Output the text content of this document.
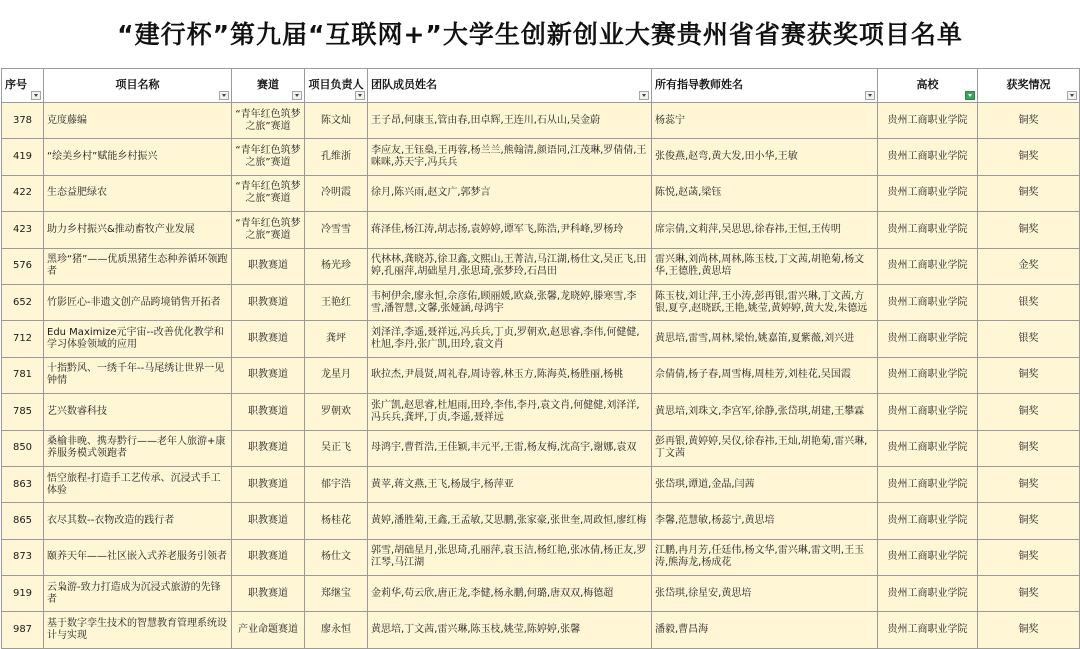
“建行杯”第九届“互联网+”大学生创新创业大赛贵州省省赛获奖项目名单
序号	项目名称	赛道	项目负责人	团队成员姓名	所有指导教师姓名	高校	获奖情况

378	克度藤编	“青年红色筑梦之旅”赛道	陈文灿	王子昂,何康玉,管由春,田卓辉,王连川,石从山,吴金蔚	杨蕊宁	贵州工商职业学院	铜奖
419	“绘美乡村”赋能乡村振兴	“青年红色筑梦之旅”赛道	孔维浙	李应友,王钰燊,王再蓉,杨兰兰,熊翰清,颜语同,江茂琳,罗倩倩,王咪咪,苏天宇,冯兵兵	张俊燕,赵弯,黄大发,田小华,王敏	贵州工商职业学院	铜奖
422	生态益肥绿农	“青年红色筑梦之旅”赛道	冷明霞	徐月,陈兴雨,赵文广,郭梦言	陈悦,赵菡,梁钰	贵州工商职业学院	铜奖
423	助力乡村振兴&推动畜牧产业发展	“青年红色筑梦之旅”赛道	冷雪雪	蒋泽佳,杨江涛,胡志扬,袁婷婷,谭军飞,陈浩,尹科峰,罗杨玲	席宗倩,文莉萍,吴思思,徐春祎,王恒,王传明	贵州工商职业学院	铜奖
576	黑珍“猪”——优质黑猪生态种养循环领跑者	职教赛道	杨光珍	代林林,龚晓苏,徐卫鑫,文熙山,王菁洁,马江湖,杨仕文,吴正飞,田婷,孔丽萍,胡础星月,张思琦,张梦玲,石昌田	雷兴琳,刘尚林,周林,陈玉枝,丁文茜,胡艳菊,杨文华,王德胜,黄思培	贵州工商职业学院	金奖
652	竹影匠心-非遗文创产品跨境销售开拓者	职教赛道	王艳红	韦柯伊余,廖永恒,佘彦佑,顾丽媛,欧焱,张馨,龙晓婷,滕寒雪,李雪,潘智慧,文馨,张娅涵,母鸿宇	陈玉枝,刘让萍,王小涛,彭再银,雷兴琳,丁文茜,方银,夏亨,赵晓跃,王艳,姚莹,黄婷婷,黄大发,朱德远	贵州工商职业学院	银奖
712	Edu Maximize元宇宙--改善优化教学和学习体验领域的应用	职教赛道	龚坪	刘泽洋,李遥,聂祥远,冯兵兵,丁贞,罗朝欢,赵思睿,李伟,何健健,杜旭,李丹,张广凯,田玲,袁文肖	黄思培,雷雪,周林,梁怡,姚嘉笛,夏紫薇,刘兴进	贵州工商职业学院	银奖
781	十指黔风、一绣千年--马尾绣让世界一见钟情	职教赛道	龙星月	耿拉杰,尹晨贤,周礼春,周诗蓉,林玉方,陈海英,杨胜丽,杨桃	佘倩倩,杨子春,周雪梅,周桂芳,刘桂花,吴国霞	贵州工商职业学院	铜奖
785	艺兴数睿科技	职教赛道	罗朝欢	张广凯,赵思睿,杜旭雨,田玲,李伟,李丹,袁文肖,何健健,刘泽洋,冯兵兵,龚坪,丁贞,李遥,聂祥远	黄思培,刘珠文,李宫军,徐静,张岱琪,胡建,王攀霖	贵州工商职业学院	铜奖
850	桑榆非晚、携寿黔行——老年人旅游+康养服务模式领跑者	职教赛道	吴正飞	母鸿宇,曹哲浩,王佳颖,丰元平,王雷,杨友梅,沈高宇,谢娜,袁双	彭再银,黄婷婷,吴仪,徐春祎,王灿,胡艳菊,雷兴琳,丁文茜	贵州工商职业学院	铜奖
863	悟空旅程-打造手工艺传承、沉浸式手工体验	职教赛道	郁宇浩	黄苹,蒋文燕,王飞,杨晟宇,杨萍亚	张岱琪,谭道,金晶,闫茜	贵州工商职业学院	铜奖
865	衣尽其数--衣物改造的践行者	职教赛道	杨桂花	黄婷,潘胜菊,王鑫,王孟敏,艾思鹏,张家豪,张世奎,周政恒,廖红梅	李馨,范慧敏,杨蕊宁,黄思培	贵州工商职业学院	铜奖
873	颐养天年——社区嵌入式养老服务引领者	职教赛道	杨仕文	郭雪,胡础星月,张思琦,孔丽萍,袁玉洁,杨红艳,张冰倩,杨正友,罗江琴,马江湖	江鹏,冉月芳,任廷伟,杨文华,雷兴琳,雷文明,王玉涛,熊海龙,杨成花	贵州工商职业学院	铜奖
919	云枭游-致力打造成为沉浸式旅游的先锋者	职教赛道	郑继宝	金莉华,苟云欣,唐正龙,李健,杨永鹏,何璐,唐双双,梅德超	张岱琪,徐星安,黄思培	贵州工商职业学院	铜奖
987	基于数字孪生技术的智慧教育管理系统设计与实现	产业命题赛道	廖永恒	黄思培,丁文茜,雷兴琳,陈玉枝,姚莹,陈婷婷,张馨	潘毅,曹昌海	贵州工商职业学院	铜奖
